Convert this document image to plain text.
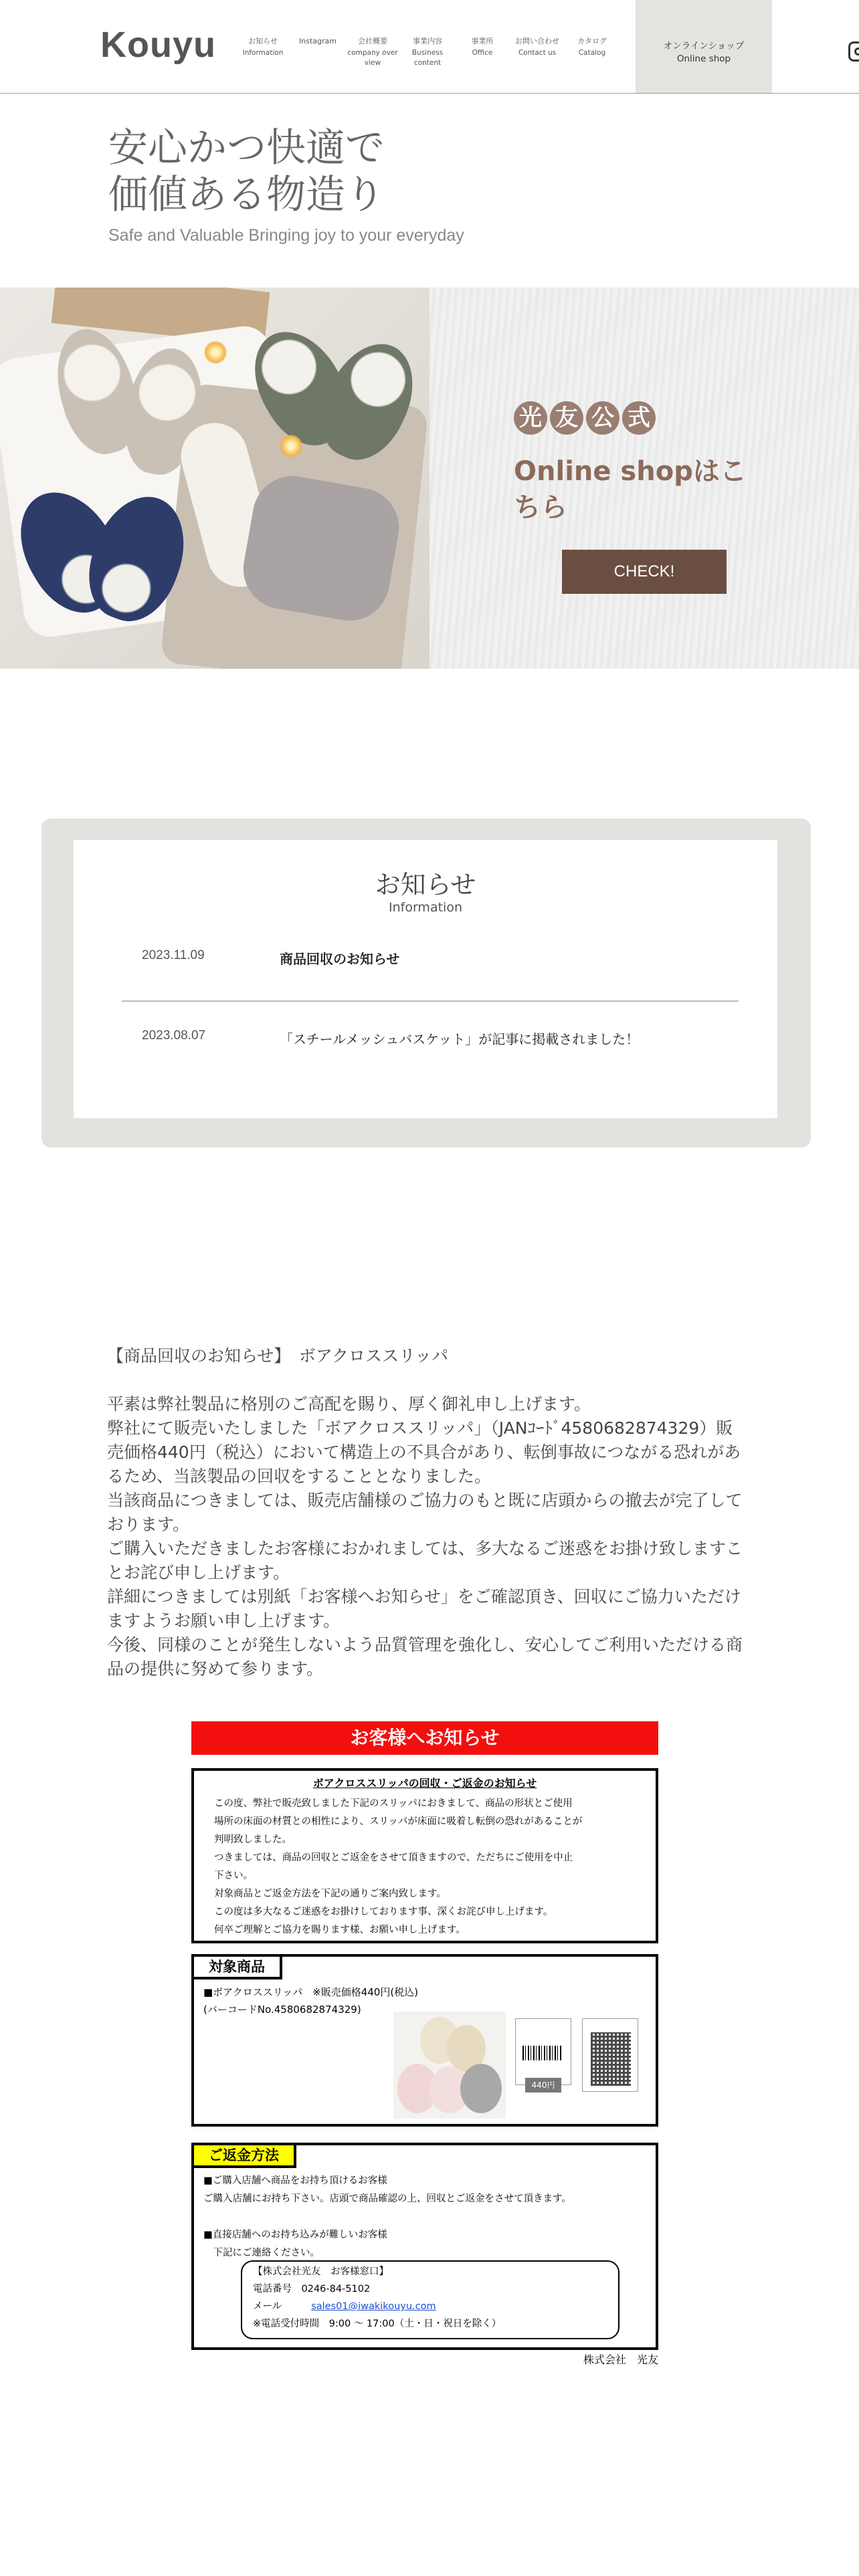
Kouyu	お知らせ
Information
Instagram	会社概要
company over view
事業内容
Business content
事業所
Office
お問い合わせ
Contact us
カタログ
Catalog
オンラインショップ
Online shop
安心かつ快適で
価値ある物造り
Safe and Valuable Bringing joy to your everyday
光 友 公 式
Online shopはこちら
CHECK!
お知らせ
Information
2023.11.09	商品回収のお知らせ
2023.08.07	「スチールメッシュバスケット」が記事に掲載されました！

【商品回収のお知らせ】　ボアクロススリッパ

平素は弊社製品に格別のご高配を賜り、厚く御礼申し上げます。

弊社にて販売いたしました「ボアクロススリッパ」（JANｺｰﾄﾞ4580682874329）販売価格440円（税込）において構造上の不具合があり、転倒事故につながる恐れがあるため、当該製品の回収をすることとなりました。

当該商品につきましては、販売店舗様のご協力のもと既に店頭からの撤去が完了しております。

ご購入いただきましたお客様におかれましては、多大なるご迷惑をお掛け致しますことお詫び申し上げます。

詳細につきましては別紙「お客様へお知らせ」をご確認頂き、回収にご協力いただけますようお願い申し上げます。

今後、同様のことが発生しないよう品質管理を強化し、安心してご利用いただける商品の提供に努めて参ります。

お客様へお知らせ
ボアクロススリッパの回収・ご返金のお知らせ
この度、弊社で販売致しました下記のスリッパにおきまして、商品の形状とご使用
場所の床面の材質との相性により、スリッパが床面に吸着し転倒の恐れがあることが
判明致しました。
つきましては、商品の回収とご返金をさせて頂きますので、ただちにご使用を中止
下さい。
対象商品とご返金方法を下記の通りご案内致します。
この度は多大なるご迷惑をお掛けしております事、深くお詫び申し上げます。
何卒ご理解とご協力を賜ります様、お願い申し上げます。
対象商品
■ボアクロススリッパ　※販売価格440円(税込)
(バーコードNo.4580682874329)
440円
ご返金方法
■ご購入店舗へ商品をお持ち頂けるお客様
ご購入店舗にお持ち下さい。店頭で商品確認の上、回収とご返金をさせて頂きます。

■直接店舗へのお持ち込みが難しいお客様
　下記にご連絡ください。
【株式会社光友　お客様窓口】
電話番号　0246-84-5102
メール	sales01@iwakikouyu.com
※電話受付時間　9:00 ～ 17:00（土・日・祝日を除く）
株式会社　光友
